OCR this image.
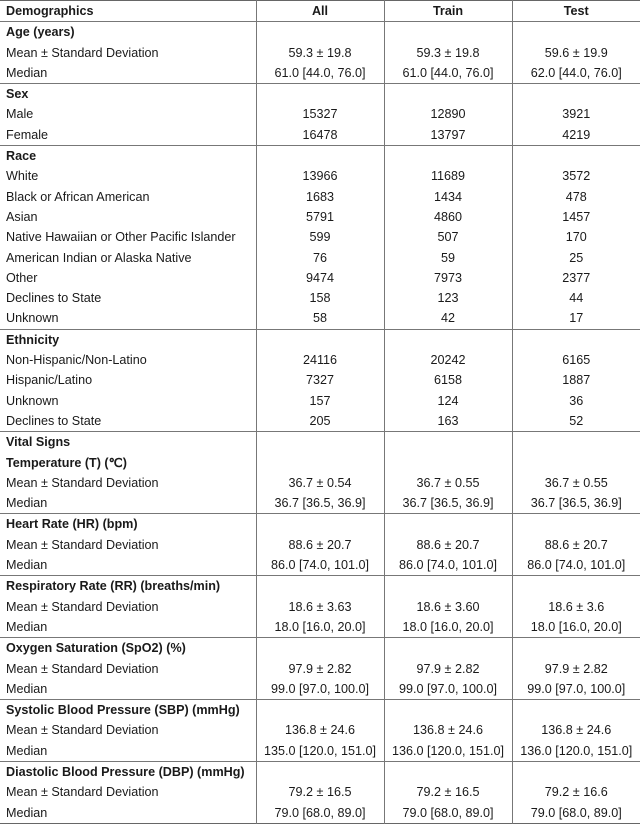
Demographics	All	Train	Test
Age (years)			
Mean ± Standard Deviation	59.3 ± 19.8	59.3 ± 19.8	59.6 ± 19.9
Median	61.0 [44.0, 76.0]	61.0 [44.0, 76.0]	62.0 [44.0, 76.0]
Sex			
Male	15327	12890	3921
Female	16478	13797	4219
Race			
White	13966	11689	3572
Black or African American	1683	1434	478
Asian	5791	4860	1457
Native Hawaiian or Other Pacific Islander	599	507	170
American Indian or Alaska Native	76	59	25
Other	9474	7973	2377
Declines to State	158	123	44
Unknown	58	42	17
Ethnicity			
Non-Hispanic/Non-Latino	24116	20242	6165
Hispanic/Latino	7327	6158	1887
Unknown	157	124	36
Declines to State	205	163	52
Vital Signs			
Temperature (T) (℃)			
Mean ± Standard Deviation	36.7 ± 0.54	36.7 ± 0.55	36.7 ± 0.55
Median	36.7 [36.5, 36.9]	36.7 [36.5, 36.9]	36.7 [36.5, 36.9]
Heart Rate (HR) (bpm)			
Mean ± Standard Deviation	88.6 ± 20.7	88.6 ± 20.7	88.6 ± 20.7
Median	86.0 [74.0, 101.0]	86.0 [74.0, 101.0]	86.0 [74.0, 101.0]
Respiratory Rate (RR) (breaths/min)			
Mean ± Standard Deviation	18.6 ± 3.63	18.6 ± 3.60	18.6 ± 3.6
Median	18.0 [16.0, 20.0]	18.0 [16.0, 20.0]	18.0 [16.0, 20.0]
Oxygen Saturation (SpO2) (%)			
Mean ± Standard Deviation	97.9 ± 2.82	97.9 ± 2.82	97.9 ± 2.82
Median	99.0 [97.0, 100.0]	99.0 [97.0, 100.0]	99.0 [97.0, 100.0]
Systolic Blood Pressure (SBP) (mmHg)			
Mean ± Standard Deviation	136.8 ± 24.6	136.8 ± 24.6	136.8 ± 24.6
Median	135.0 [120.0, 151.0]	136.0 [120.0, 151.0]	136.0 [120.0, 151.0]
Diastolic Blood Pressure (DBP) (mmHg)			
Mean ± Standard Deviation	79.2 ± 16.5	79.2 ± 16.5	79.2 ± 16.6
Median	79.0 [68.0, 89.0]	79.0 [68.0, 89.0]	79.0 [68.0, 89.0]
